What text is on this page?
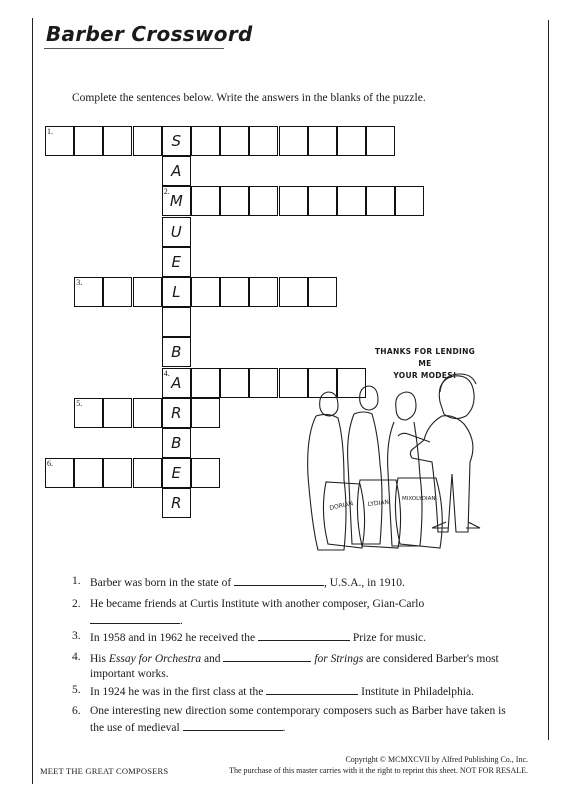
Barber Crossword
Complete the sentences below. Write the answers in the blanks of the puzzle.
1.
2.
3.
4.
5.
6.
S
A
M
U
E
L
B
A
R
B
E
R
THANKS FOR LENDING ME
YOUR MODES!
DORIAN LYDIAN MIXOLYDIAN
1. Barber was born in the state of	, U.S.A., in 1910.
2. He became friends at Curtis Institute with another composer, Gian-Carlo .
3. In 1958 and in 1962 he received the	Prize for music.
4. His Essay for Orchestra and	for Strings are considered Barber's most important works.
5. In 1924 he was in the first class at the	Institute in Philadelphia.
6. One interesting new direction some contemporary composers such as Barber have taken is the use of medieval	.
MEET THE GREAT COMPOSERS
Copyright © MCMXCVII by Alfred Publishing Co., Inc.
The purchase of this master carries with it the right to reprint this sheet. NOT FOR RESALE.
